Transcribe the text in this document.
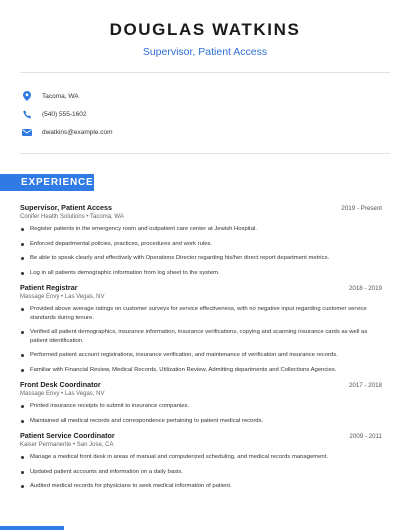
DOUGLAS WATKINS
Supervisor, Patient Access
Tacoma, WA
(540) 555-1602
dwatkins@example.com
EXPERIENCE
Supervisor, Patient Access	2019 - Present
Conifer Health Solutions • Tacoma, WA
Register patients in the emergency room and outpatient care center at Jewish Hospital.
Enforced departmental policies, practices, procedures and work rules.
Be able to speak clearly and effectively with Operations Director regarding his/her direct report department metrics.
Log in all patients demographic information from log sheet to the system.
Patient Registrar	2018 - 2019
Massage Envy • Las Vegas, NV
Provided above average ratings on customer surveys for service effectiveness, with no negative input regarding customer service standards during tenure.
Verified all patient demographics, insurance information, insurance verifications, copying and scanning insurance cards as well as patient identification.
Performed patient account registrations, insurance verification, and maintenance of verification and insurance records.
Familiar with Financial Review, Medical Records, Utilization Review, Admitting departments and Collections Agencies.
Front Desk Coordinator	2017 - 2018
Massage Envy • Las Vegas, NV
Printed insurance receipts to submit to insurance companies.
Maintained all medical records and correspondence pertaining to patient medical records.
Patient Service Coordinator	2009 - 2011
Kaiser Permanente • San Jose, CA
Manage a medical front desk in areas of manual and computerized scheduling, and medical records management.
Updated patient accounts and information on a daily basis.
Audited medical records for physicians to seek medical information of patient.
